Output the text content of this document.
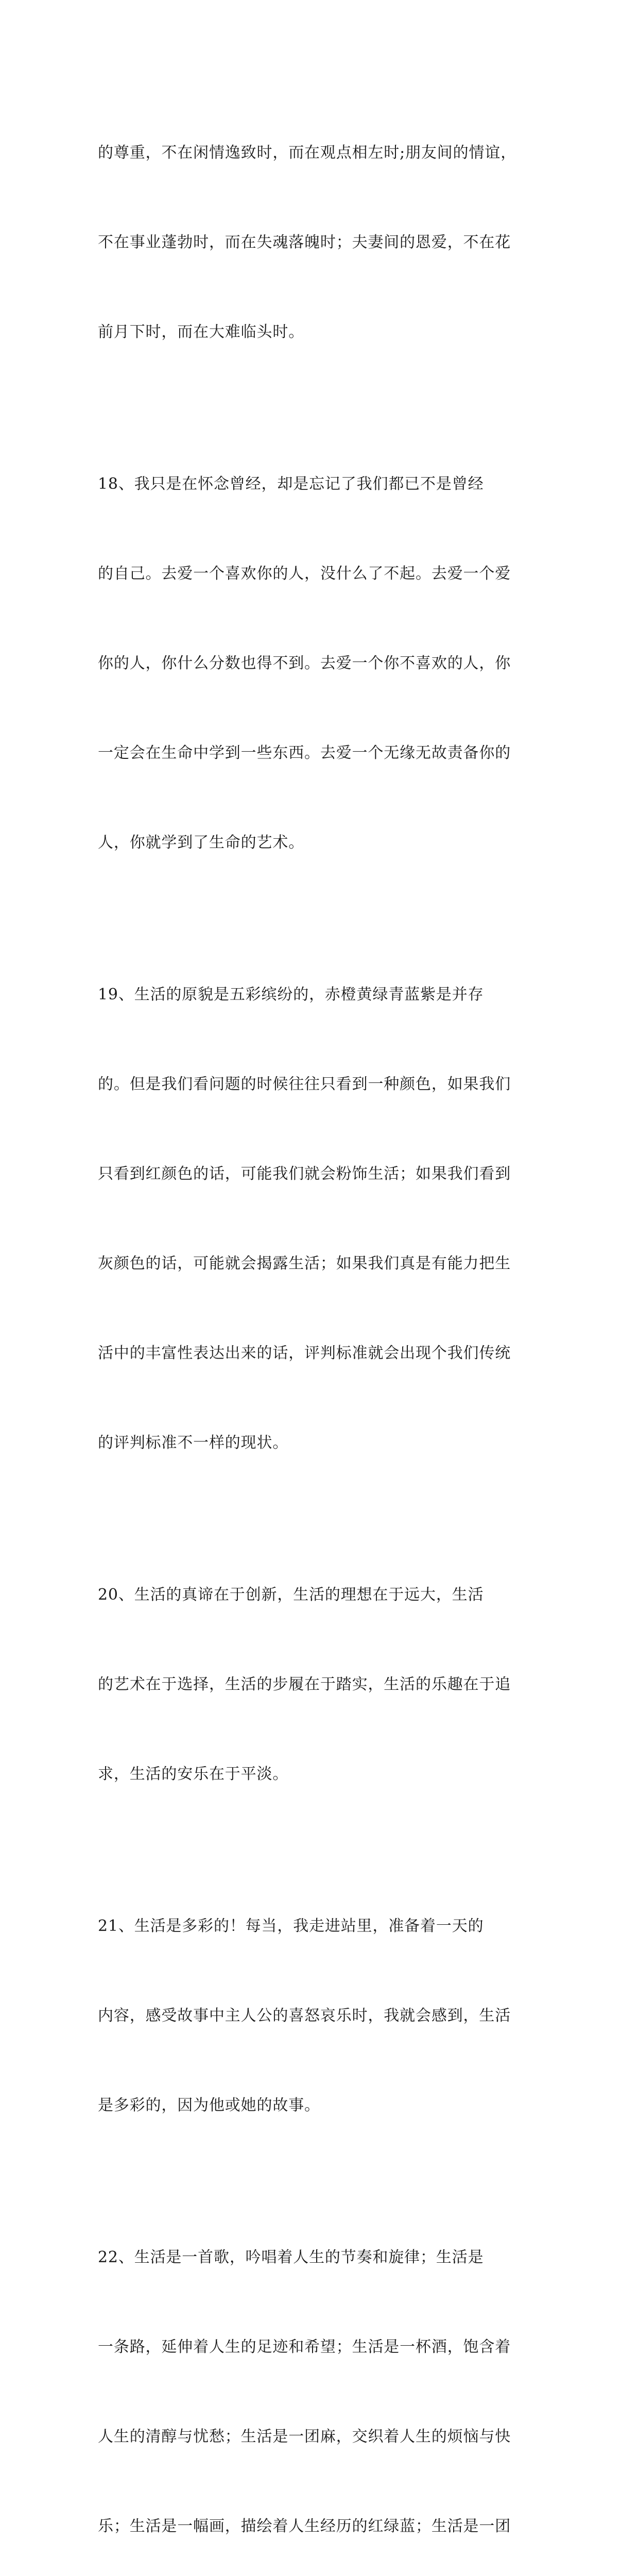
的尊重，不在闲情逸致时，而在观点相左时;朋友间的情谊，

不在事业蓬勃时，而在失魂落魄时；夫妻间的恩爱，不在花

前月下时，而在大难临头时。

18、我只是在怀念曾经，却是忘记了我们都已不是曾经

的自己。去爱一个喜欢你的人，没什么了不起。去爱一个爱

你的人，你什么分数也得不到。去爱一个你不喜欢的人，你

一定会在生命中学到一些东西。去爱一个无缘无故责备你的

人，你就学到了生命的艺术。

19、生活的原貌是五彩缤纷的，赤橙黄绿青蓝紫是并存

的。但是我们看问题的时候往往只看到一种颜色，如果我们

只看到红颜色的话，可能我们就会粉饰生活；如果我们看到

灰颜色的话，可能就会揭露生活；如果我们真是有能力把生

活中的丰富性表达出来的话，评判标准就会出现个我们传统

的评判标准不一样的现状。

20、生活的真谛在于创新，生活的理想在于远大，生活

的艺术在于选择，生活的步履在于踏实，生活的乐趣在于追

求，生活的安乐在于平淡。

21、生活是多彩的！每当，我走进站里，准备着一天的

内容，感受故事中主人公的喜怒哀乐时，我就会感到，生活

是多彩的，因为他或她的故事。

22、生活是一首歌，吟唱着人生的节奏和旋律；生活是

一条路，延伸着人生的足迹和希望；生活是一杯酒，饱含着

人生的清醇与忧愁；生活是一团麻，交织着人生的烦恼与快

乐；生活是一幅画，描绘着人生经历的红绿蓝；生活是一团
